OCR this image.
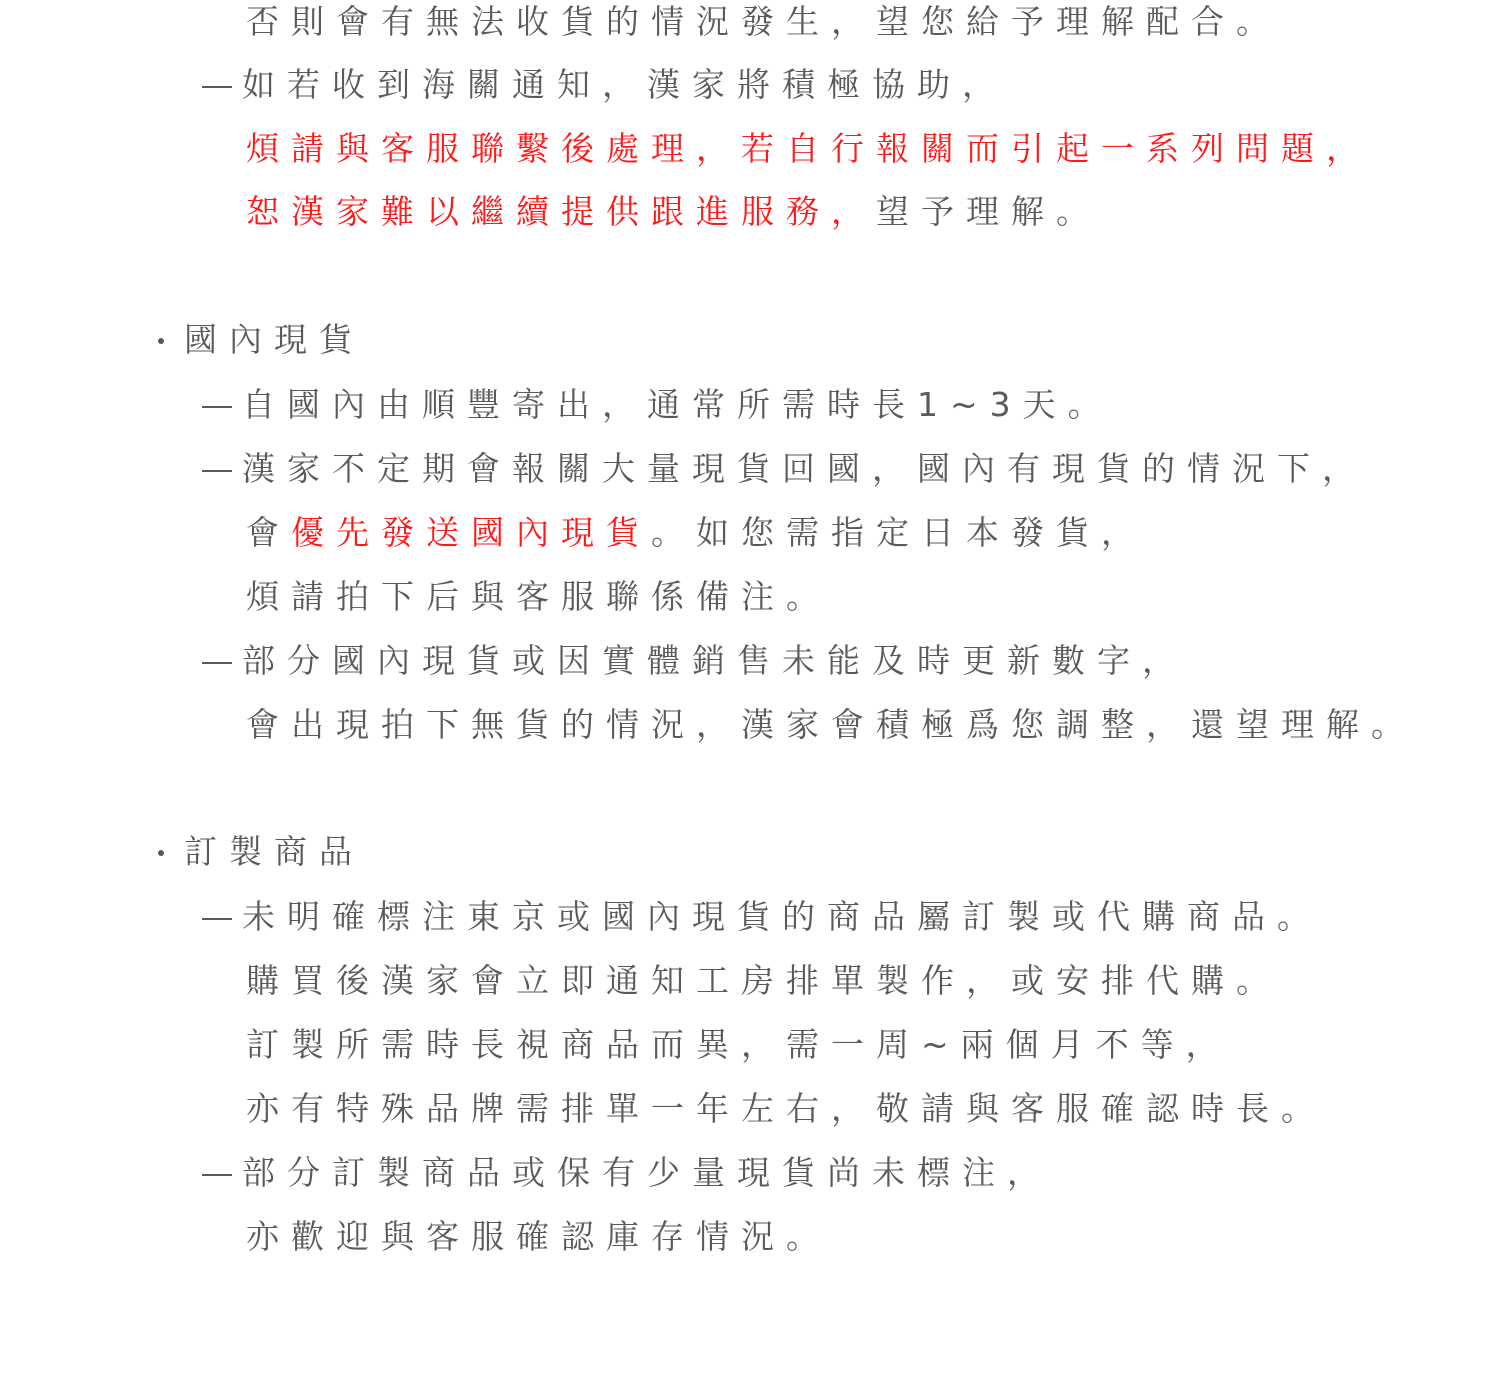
否則會有無法收貨的情況發生，望您給予理解配合。
如若收到海關通知，漢家將積極協助，
煩請與客服聯繫後處理，若自行報關而引起一系列問題，
恕漢家難以繼續提供跟進服務，望予理解。
國內現貨
自國內由順豐寄出，通常所需時長1~3天。
漢家不定期會報關大量現貨回國，國內有現貨的情況下，
會優先發送國內現貨。如您需指定日本發貨，
煩請拍下后與客服聯係備注。
部分國內現貨或因實體銷售未能及時更新數字，
會出現拍下無貨的情況，漢家會積極爲您調整，還望理解。
訂製商品
未明確標注東京或國內現貨的商品屬訂製或代購商品。
購買後漢家會立即通知工房排單製作，或安排代購。
訂製所需時長視商品而異，需一周~兩個月不等，
亦有特殊品牌需排單一年左右，敬請與客服確認時長。
部分訂製商品或保有少量現貨尚未標注，
亦歡迎與客服確認庫存情況。
